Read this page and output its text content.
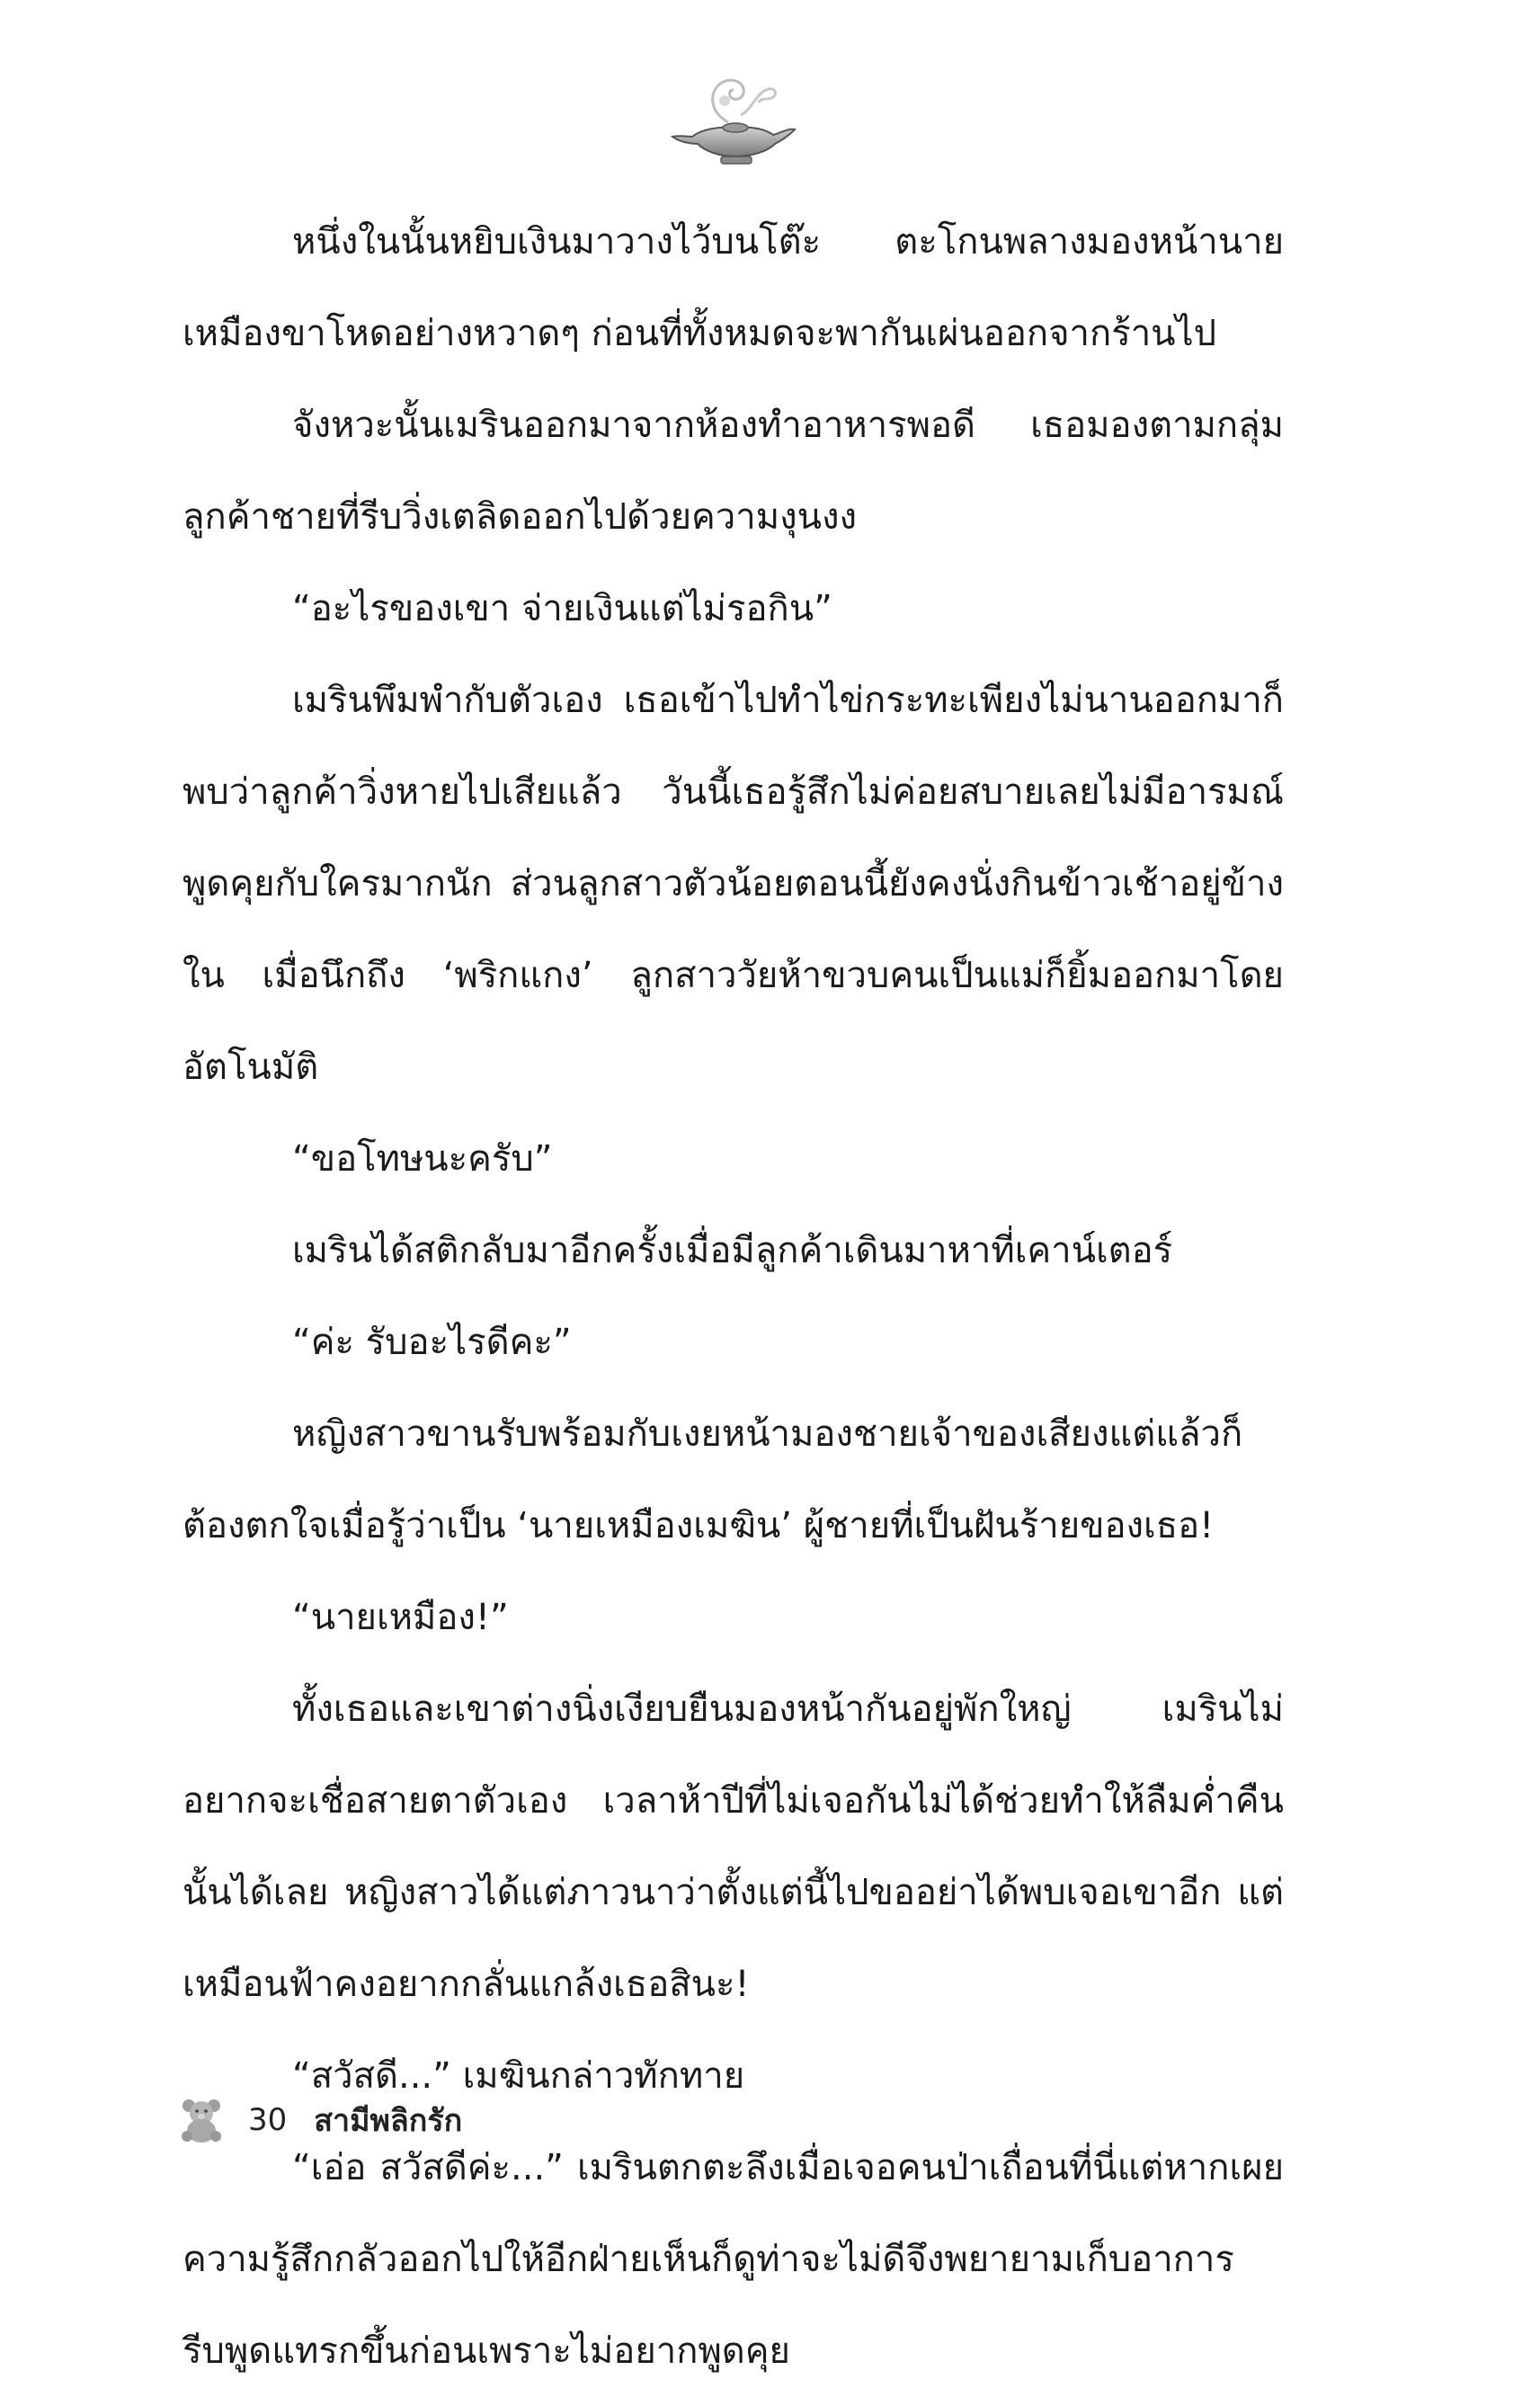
หนึ่งในนั้นหยิบเงินมาวางไว้บนโต๊ะ ตะโกนพลางมองหน้านายเหมืองขาโหดอย่างหวาดๆ ก่อนที่ทั้งหมดจะพากันเผ่นออกจากร้านไป

จังหวะนั้นเมรินออกมาจากห้องทำอาหารพอดี เธอมองตามกลุ่มลูกค้าชายที่รีบวิ่งเตลิดออกไปด้วยความงุนงง

“อะไรของเขา จ่ายเงินแต่ไม่รอกิน”

เมรินพึมพำกับตัวเอง เธอเข้าไปทำไข่กระทะเพียงไม่นานออกมาก็พบว่าลูกค้าวิ่งหายไปเสียแล้ว วันนี้เธอรู้สึกไม่ค่อยสบายเลยไม่มีอารมณ์พูดคุยกับใครมากนัก ส่วนลูกสาวตัวน้อยตอนนี้ยังคงนั่งกินข้าวเช้าอยู่ข้างใน เมื่อนึกถึง ‘พริกแกง’ ลูกสาววัยห้าขวบคนเป็นแม่ก็ยิ้มออกมาโดยอัตโนมัติ

“ขอโทษนะครับ”

เมรินได้สติกลับมาอีกครั้งเมื่อมีลูกค้าเดินมาหาที่เคาน์เตอร์

“ค่ะ รับอะไรดีคะ”

หญิงสาวขานรับพร้อมกับเงยหน้ามองชายเจ้าของเสียงแต่แล้วก็ต้องตกใจเมื่อรู้ว่าเป็น ‘นายเหมืองเมฆิน’ ผู้ชายที่เป็นฝันร้ายของเธอ!

“นายเหมือง!”

ทั้งเธอและเขาต่างนิ่งเงียบยืนมองหน้ากันอยู่พักใหญ่ เมรินไม่อยากจะเชื่อสายตาตัวเอง เวลาห้าปีที่ไม่เจอกันไม่ได้ช่วยทำให้ลืมค่ำคืนนั้นได้เลย หญิงสาวได้แต่ภาวนาว่าตั้งแต่นี้ไปขออย่าได้พบเจอเขาอีก แต่เหมือนฟ้าคงอยากกลั่นแกล้งเธอสินะ!

“สวัสดี...” เมฆินกล่าวทักทาย

“เอ่อ สวัสดีค่ะ...” เมรินตกตะลึงเมื่อเจอคนป่าเถื่อนที่นี่แต่หากเผยความรู้สึกกลัวออกไปให้อีกฝ่ายเห็นก็ดูท่าจะไม่ดีจึงพยายามเก็บอาการ รีบพูดแทรกขึ้นก่อนเพราะไม่อยากพูดคุย

30 สามีพลิกรัก
